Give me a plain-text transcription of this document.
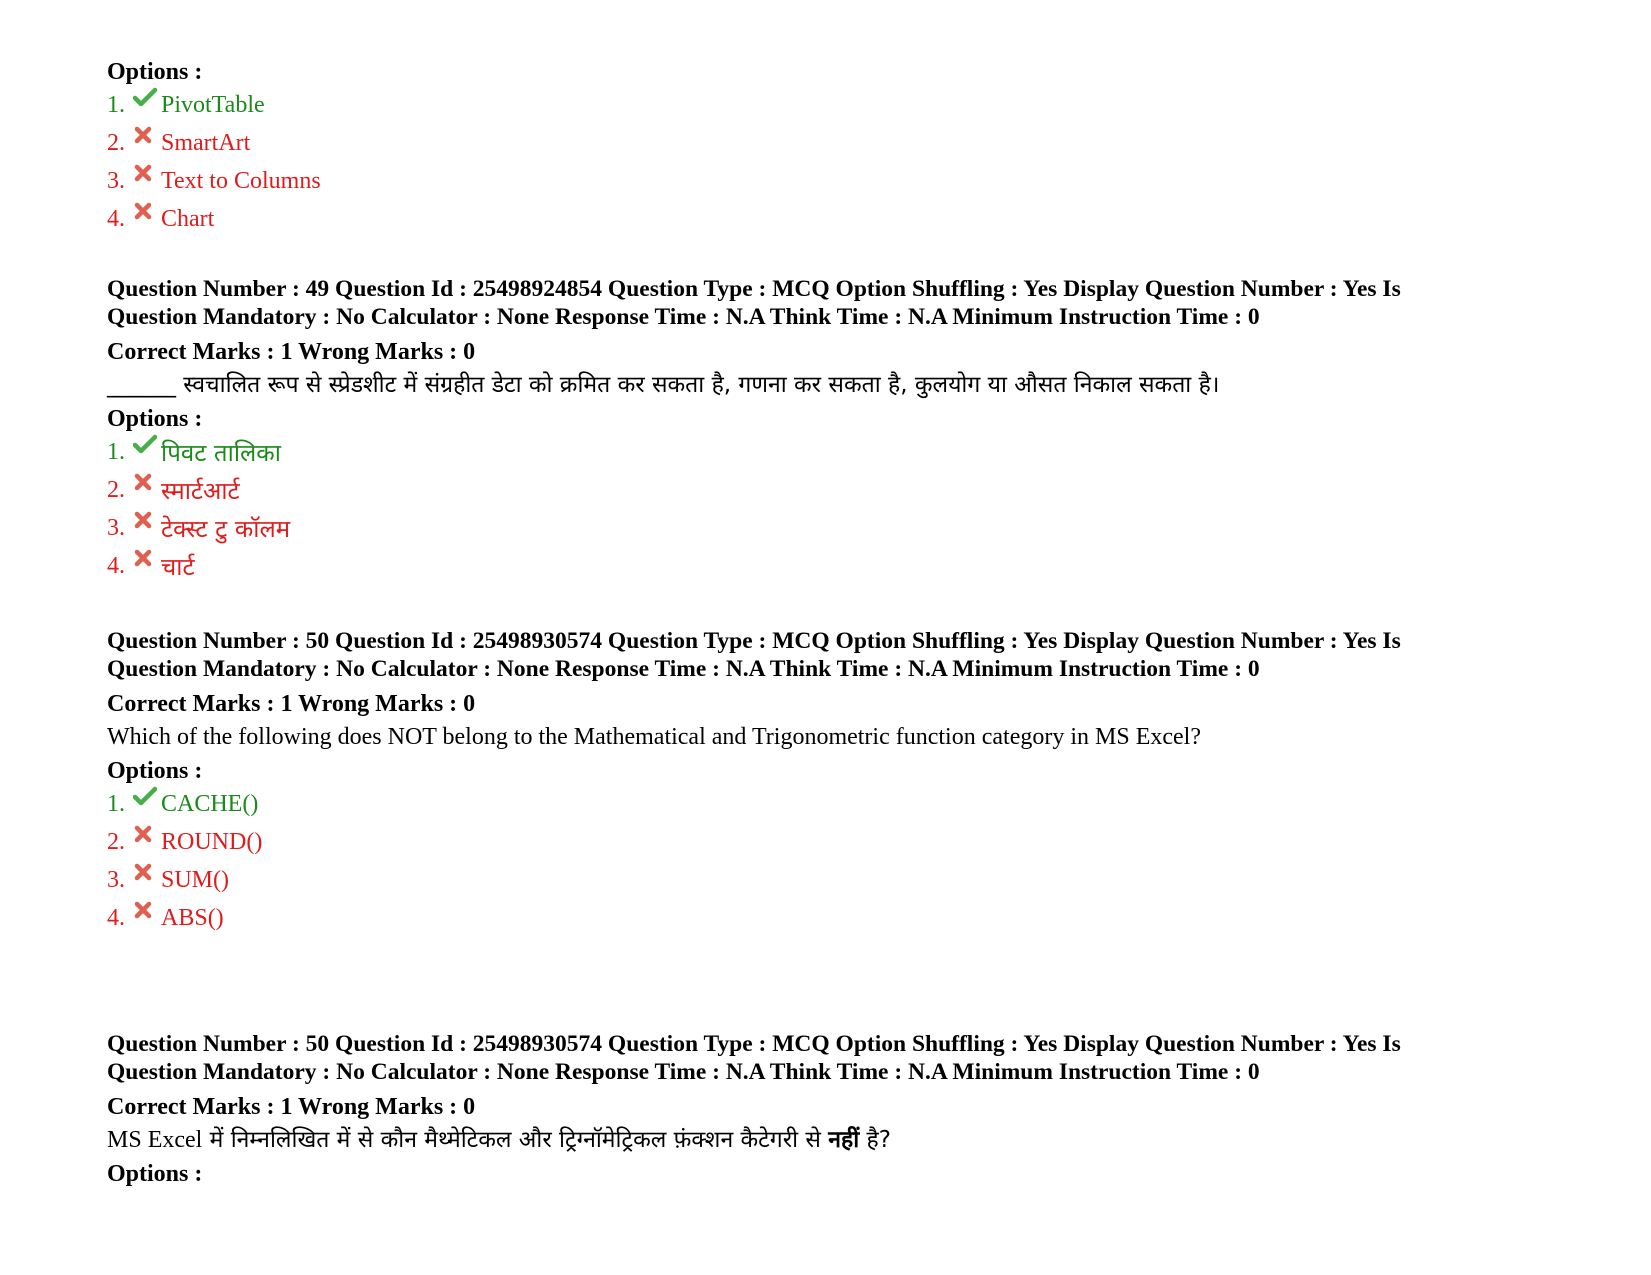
Options :
1.	PivotTable
2.	SmartArt
3.	Text to Columns
4.	Chart
Question Number : 49 Question Id : 25498924854 Question Type : MCQ Option Shuffling : Yes Display Question Number : Yes Is
Question Mandatory : No Calculator : None Response Time : N.A Think Time : N.A Minimum Instruction Time : 0
Correct Marks : 1 Wrong Marks : 0
______ स्वचालित रूप से स्प्रेडशीट में संग्रहीत डेटा को क्रमित कर सकता है, गणना कर सकता है, कुलयोग या औसत निकाल सकता है।
Options :
1.	पिवट तालिका
2.	स्मार्टआर्ट
3.	टेक्स्ट टु कॉलम
4.	चार्ट
Question Number : 50 Question Id : 25498930574 Question Type : MCQ Option Shuffling : Yes Display Question Number : Yes Is
Question Mandatory : No Calculator : None Response Time : N.A Think Time : N.A Minimum Instruction Time : 0
Correct Marks : 1 Wrong Marks : 0
Which of the following does NOT belong to the Mathematical and Trigonometric function category in MS Excel?
Options :
1.	CACHE()
2.	ROUND()
3.	SUM()
4.	ABS()
Question Number : 50 Question Id : 25498930574 Question Type : MCQ Option Shuffling : Yes Display Question Number : Yes Is
Question Mandatory : No Calculator : None Response Time : N.A Think Time : N.A Minimum Instruction Time : 0
Correct Marks : 1 Wrong Marks : 0
MS Excel में निम्नलिखित में से कौन मैथ्मेटिकल और ट्रिग्नॉमेट्रिकल फ़ंक्शन कैटेगरी से नहीं है?
Options :
